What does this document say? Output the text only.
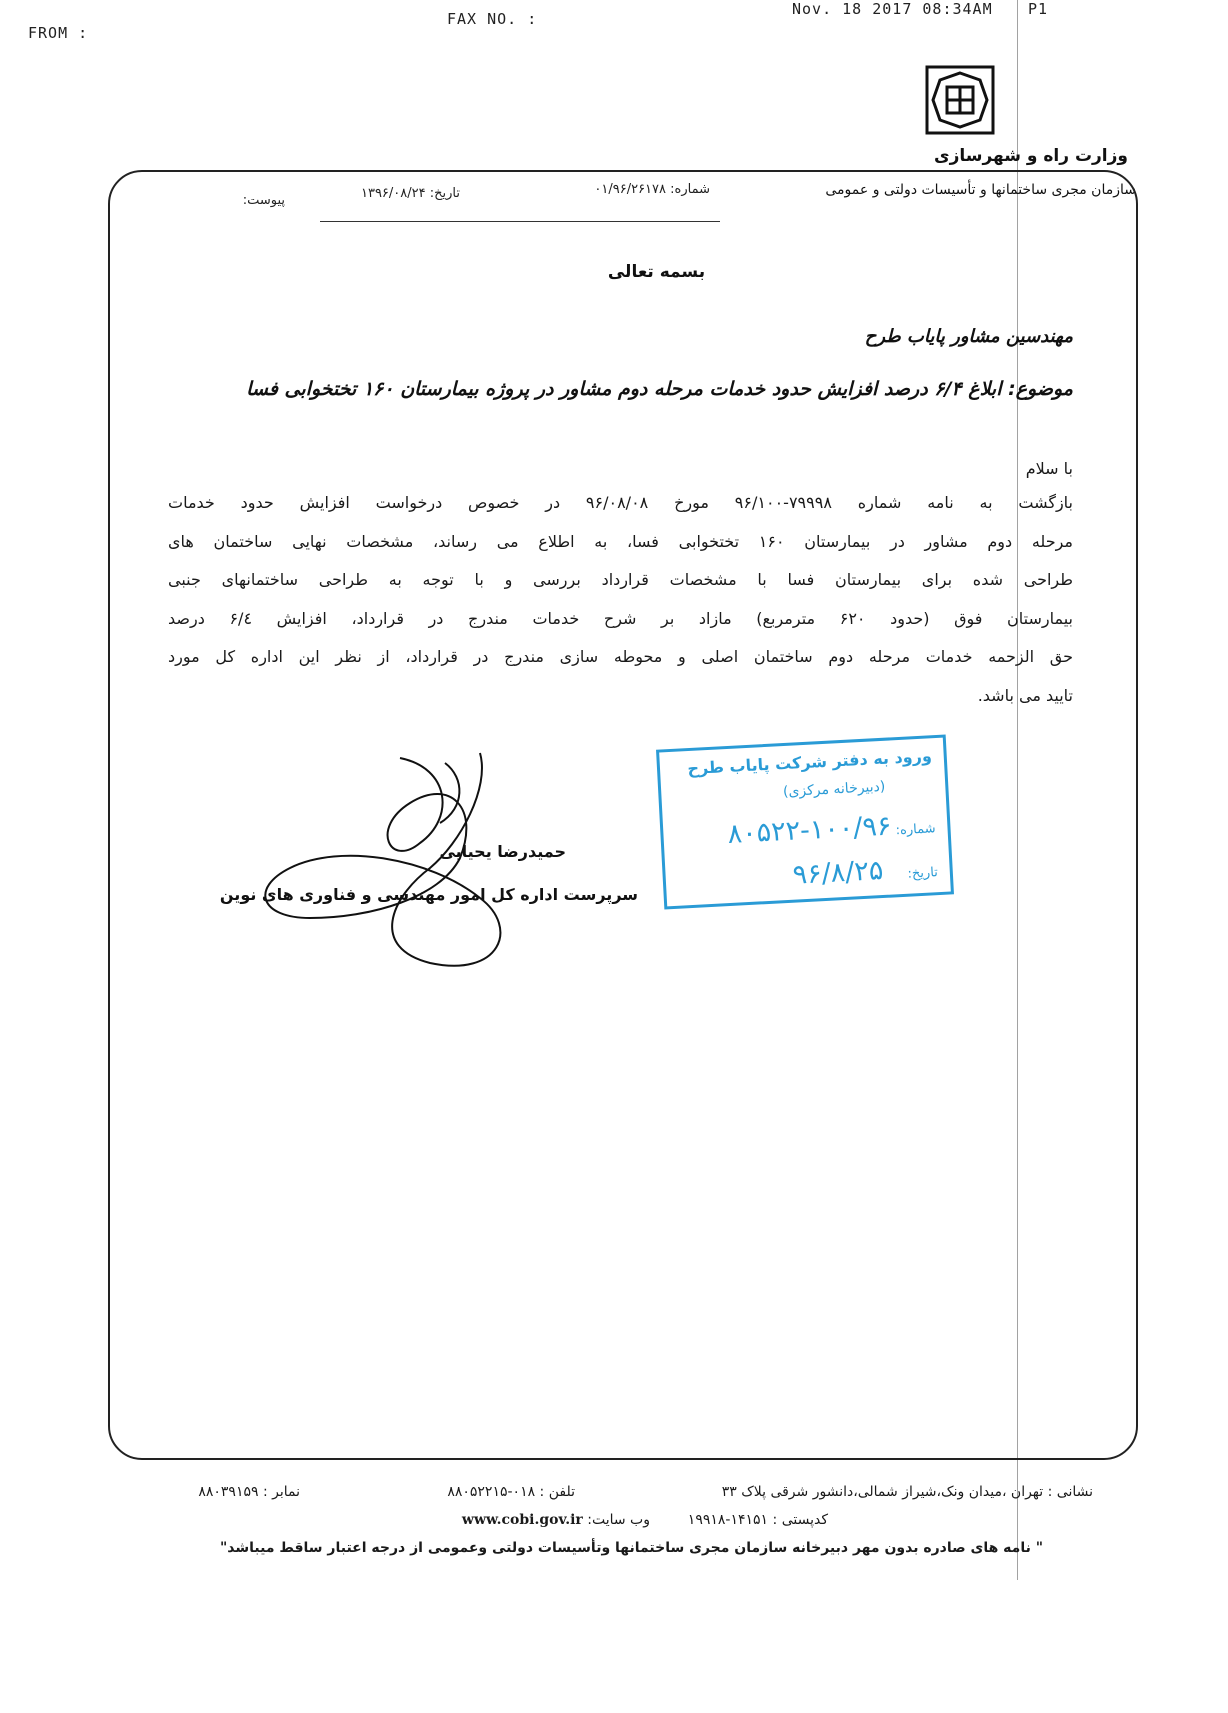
FROM :
FAX NO. :
Nov. 18 2017 08:34AM P1
وزارت راه و شهرسازی
سازمان مجری ساختمانها و تأسیسات دولتی و عمومی
شماره: ۰۱/۹۶/۲۶۱۷۸
تاریخ: ۱۳۹۶/۰۸/۲۴
پیوست:
بسمه تعالی
مهندسین مشاور پایاب طرح
موضوع: ابلاغ ۶/۴ درصد افزایش حدود خدمات مرحله دوم مشاور در پروژه بیمارستان ۱۶۰ تختخوابی فسا
با سلام
بازگشت به نامه شماره ۷۹۹۹۸-۹۶/۱۰۰ مورخ ۹۶/۰۸/۰۸ در خصوص درخواست افزایش حدود خدمات
مرحله دوم مشاور در بیمارستان ۱۶۰ تختخوابی فسا، به اطلاع می رساند، مشخصات نهایی ساختمان های
طراحی شده برای بیمارستان فسا با مشخصات قرارداد بررسی و با توجه به طراحی ساختمانهای جنبی
بیمارستان فوق (حدود ۶۲۰ مترمربع) مازاد بر شرح خدمات مندرج در قرارداد، افزایش ۶/٤ درصد
حق الزحمه خدمات مرحله دوم ساختمان اصلی و محوطه سازی مندرج در قرارداد، از نظر این اداره کل مورد
تایید می باشد.
حمیدرضا یحیایی
سرپرست اداره کل امور مهندسی و فناوری های نوین
ورود به دفتر شرکت پایاب طرح
(دبیرخانه مرکزی)
شماره: ۱۰۰/۹۶-۸۰۵۲۲
تاریخ: ۹۶/۸/۲۵
نشانی : تهران ،میدان ونک،شیراز شمالی،دانشور شرقی پلاک ۳۳
تلفن : ۰۱۸-۸۸۰۵۲۲۱۵
نمابر : ۸۸۰۳۹۱۵۹
کدپستی : ۱۴۱۵۱-۱۹۹۱۸
وب سایت: www.cobi.gov.ir
" نامه های صادره بدون مهر دبیرخانه سازمان مجری ساختمانها وتأسیسات دولتی وعمومی از درجه اعتبار ساقط میباشد"
